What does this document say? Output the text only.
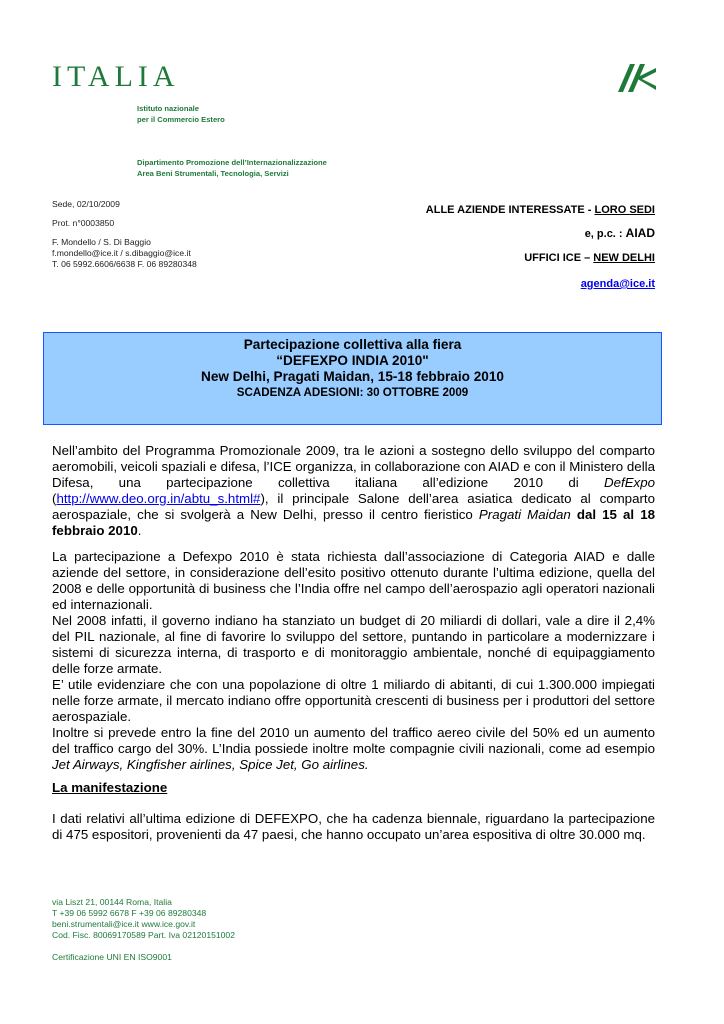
ITALIA
Istituto nazionale
per il Commercio Estero
Dipartimento Promozione dell’Internazionalizzazione
Area Beni Strumentali, Tecnologia, Servizi
Sede, 02/10/2009
Prot. n°0003850
F. Mondello / S. Di Baggio
f.mondello@ice.it / s.dibaggio@ice.it
T. 06 5992.6606/6638 F. 06 89280348
ALLE AZIENDE INTERESSATE - LORO SEDI
e, p.c. : AIAD
UFFICI ICE – NEW DELHI
agenda@ice.it

Partecipazione collettiva alla fiera

“DEFEXPO INDIA 2010"

New Delhi, Pragati Maidan, 15-18 febbraio 2010

SCADENZA ADESIONI: 30 OTTOBRE 2009

Nell’ambito del Programma Promozionale 2009, tra le azioni a sostegno dello sviluppo del comparto aeromobili, veicoli spaziali e difesa, l’ICE organizza, in collaborazione con AIAD e con il Ministero della Difesa, una partecipazione collettiva italiana all’edizione 2010 di DefExpo (http://www.deo.org.in/abtu_s.html#), il principale Salone dell’area asiatica dedicato al comparto aerospaziale, che si svolgerà a New Delhi, presso il centro fieristico Pragati Maidan dal 15 al 18 febbraio 2010.

La partecipazione a Defexpo 2010 è stata richiesta dall’associazione di Categoria AIAD e dalle aziende del settore, in considerazione dell’esito positivo ottenuto durante l’ultima edizione, quella del 2008 e delle opportunità di business che l’India offre nel campo dell’aerospazio agli operatori nazionali ed internazionali.

Nel 2008 infatti, il governo indiano ha stanziato un budget di 20 miliardi di dollari, vale a dire il 2,4% del PIL nazionale, al fine di favorire lo sviluppo del settore, puntando in particolare a modernizzare i sistemi di sicurezza interna, di trasporto e di monitoraggio ambientale, nonché di equipaggiamento delle forze armate.

E’ utile evidenziare che con una popolazione di oltre 1 miliardo di abitanti, di cui 1.300.000 impiegati nelle forze armate, il mercato indiano offre opportunità crescenti di business per i produttori del settore aerospaziale.

Inoltre si prevede entro la fine del 2010 un aumento del traffico aereo civile del 50% ed un aumento del traffico cargo del 30%. L’India possiede inoltre molte compagnie civili nazionali, come ad esempio Jet Airways, Kingfisher airlines, Spice Jet, Go airlines.

La manifestazione

I dati relativi all’ultima edizione di DEFEXPO, che ha cadenza biennale, riguardano la partecipazione di 475 espositori, provenienti da 47 paesi, che hanno occupato un’area espositiva di oltre 30.000 mq.

via Liszt 21, 00144 Roma, Italia
T +39 06 5992 6678 F +39 06 89280348
beni.strumentali@ice.it www.ice.gov.it
Cod. Fisc. 80069170589 Part. Iva 02120151002
Certificazione UNI EN ISO9001
